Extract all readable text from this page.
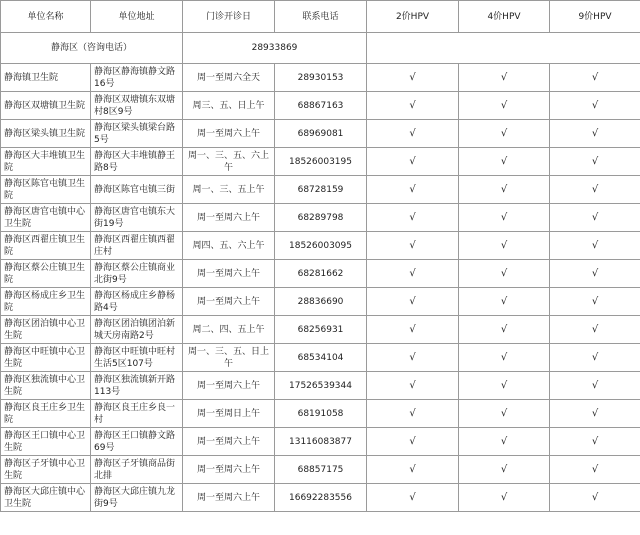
单位名称	单位地址	门诊开诊日	联系电话	2价HPV	4价HPV	9价HPV
静海区（咨询电话）		28933869				
静海镇卫生院	静海区静海镇静文路16号	周一至周六全天	28930153	√	√	√
静海区双塘镇卫生院	静海区双塘镇东双塘村8区9号	周三、五、日上午	68867163	√	√	√
静海区梁头镇卫生院	静海区梁头镇梁台路5号	周一至周六上午	68969081	√	√	√
静海区大丰堆镇卫生院	静海区大丰堆镇静王路8号	周一、三、五、六上午	18526003195	√	√	√
静海区陈官屯镇卫生院	静海区陈官屯镇三街	周一、三、五上午	68728159	√	√	√
静海区唐官屯镇中心卫生院	静海区唐官屯镇东大街19号	周一至周六上午	68289798	√	√	√
静海区西翟庄镇卫生院	静海区西翟庄镇西翟庄村	周四、五、六上午	18526003095	√	√	√
静海区蔡公庄镇卫生院	静海区蔡公庄镇商业北街9号	周一至周六上午	68281662	√	√	√
静海区杨成庄乡卫生院	静海区杨成庄乡静杨路4号	周一至周六上午	28836690	√	√	√
静海区团泊镇中心卫生院	静海区团泊镇团泊新城天房南路2号	周二、四、五上午	68256931	√	√	√
静海区中旺镇中心卫生院	静海区中旺镇中旺村生活5区107号	周一、三、五、日上午	68534104	√	√	√
静海区独流镇中心卫生院	静海区独流镇新开路113号	周一至周六上午	17526539344	√	√	√
静海区良王庄乡卫生院	静海区良王庄乡良一村	周一至周日上午	68191058	√	√	√
静海区王口镇中心卫生院	静海区王口镇静文路69号	周一至周六上午	13116083877	√	√	√
静海区子牙镇中心卫生院	静海区子牙镇商品街北排	周一至周六上午	68857175	√	√	√
静海区大邱庄镇中心卫生院	静海区大邱庄镇九龙街9号	周一至周六上午	16692283556	√	√	√
